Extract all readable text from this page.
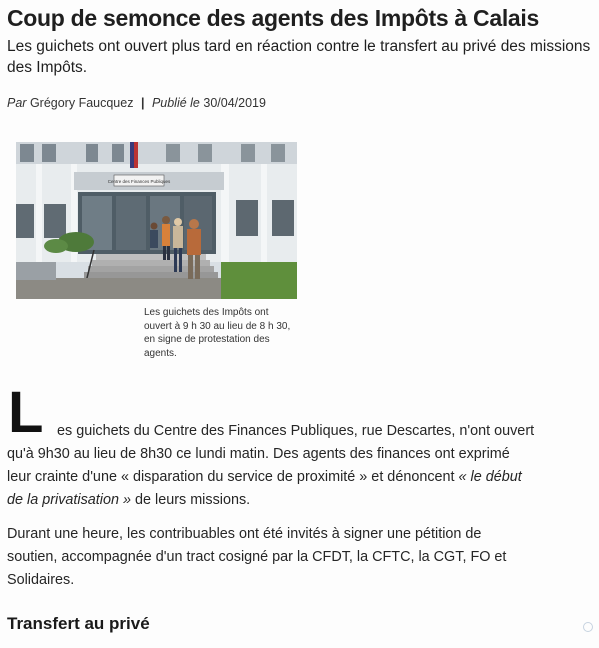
Coup de semonce des agents des Impôts à Calais

Les guichets ont ouvert plus tard en réaction contre le transfert au privé des missions des Impôts.

Par Grégory Faucquez | Publié le 30/04/2019
Centre des Finances Publiques

Les guichets des Impôts ont ouvert à 9 h 30 au lieu de 8 h 30, en signe de protestation des agents.

L es guichets du Centre des Finances Publiques, rue Descartes, n'ont ouvert
qu'à 9h30 au lieu de 8h30 ce lundi matin. Des agents des finances ont exprimé
leur crainte d'une « disparation du service de proximité » et dénoncent « le début
de la privatisation » de leurs missions.

Durant une heure, les contribuables ont été invités à signer une pétition de
soutien, accompagnée d'un tract cosigné par la CFDT, la CFTC, la CGT, FO et
Solidaires.

Transfert au privé
